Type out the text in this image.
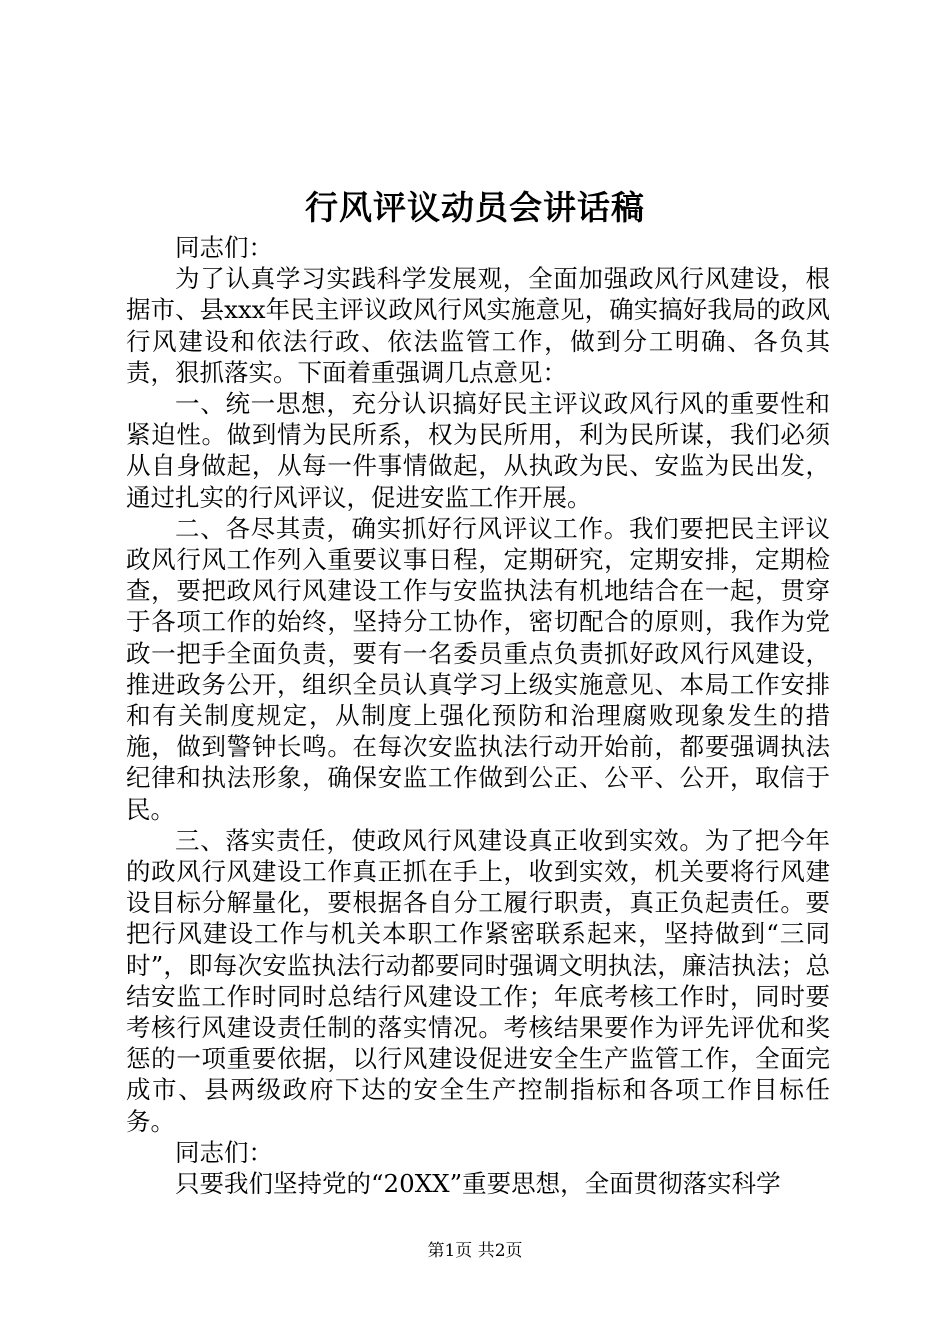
行风评议动员会讲话稿

同志们：

为了认真学习实践科学发展观，全面加强政风行风建设，根据市、县xxx年民主评议政风行风实施意见，确实搞好我局的政风行风建设和依法行政、依法监管工作，做到分工明确、各负其责，狠抓落实。下面着重强调几点意见：

一、统一思想，充分认识搞好民主评议政风行风的重要性和紧迫性。做到情为民所系，权为民所用，利为民所谋，我们必须从自身做起，从每一件事情做起，从执政为民、安监为民出发，通过扎实的行风评议，促进安监工作开展。

二、各尽其责，确实抓好行风评议工作。我们要把民主评议政风行风工作列入重要议事日程，定期研究，定期安排，定期检查，要把政风行风建设工作与安监执法有机地结合在一起，贯穿于各项工作的始终，坚持分工协作，密切配合的原则，我作为党政一把手全面负责，要有一名委员重点负责抓好政风行风建设，推进政务公开，组织全员认真学习上级实施意见、本局工作安排和有关制度规定，从制度上强化预防和治理腐败现象发生的措施，做到警钟长鸣。在每次安监执法行动开始前，都要强调执法纪律和执法形象，确保安监工作做到公正、公平、公开，取信于民。

三、落实责任，使政风行风建设真正收到实效。为了把今年的政风行风建设工作真正抓在手上，收到实效，机关要将行风建设目标分解量化，要根据各自分工履行职责，真正负起责任。要把行风建设工作与机关本职工作紧密联系起来，坚持做到“三同时”，即每次安监执法行动都要同时强调文明执法，廉洁执法；总结安监工作时同时总结行风建设工作；年底考核工作时，同时要考核行风建设责任制的落实情况。考核结果要作为评先评优和奖惩的一项重要依据，以行风建设促进安全生产监管工作，全面完成市、县两级政府下达的安全生产控制指标和各项工作目标任务。

同志们：

只要我们坚持党的“20XX”重要思想，全面贯彻落实科学

第1页 共2页
